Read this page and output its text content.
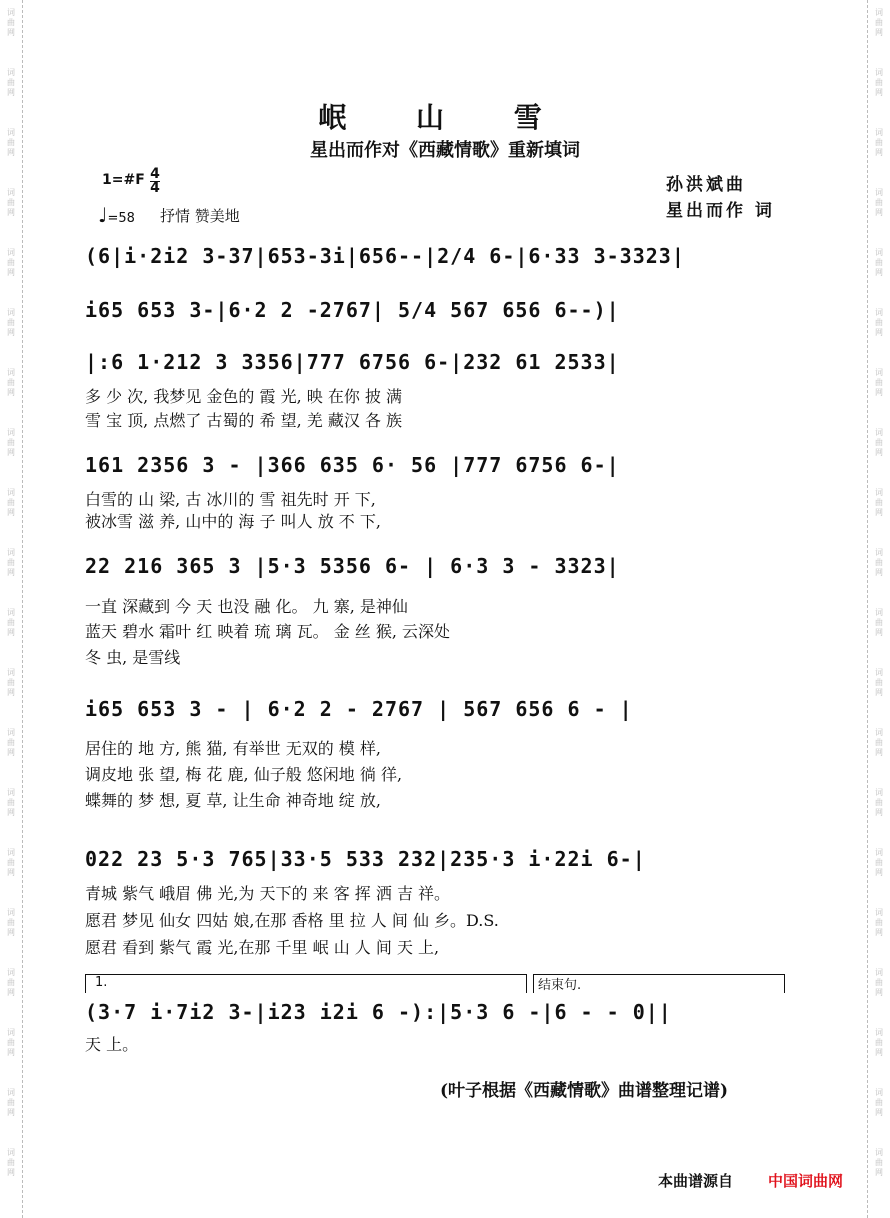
岷 山 雪
星出而作对《西藏情歌》重新填词
1=#F 4
4
♩=58 抒情 赞美地
孙洪斌曲
星出而作 词
(6|i·2i2 3-37|653-3i|656--|2/4 6-|6·33 3-3323|
i65 653 3-|6·2 2 -2767| 5/4 567 656 6--)|
|:6 1·212 3 3356|777 6756 6-|232 61 2533|
多 少 次, 我梦见 金色的 霞 光, 映 在你 披 满
雪 宝 顶, 点燃了 古蜀的 希 望, 羌 藏汉 各 族
161 2356 3 - |366 635 6· 56 |777 6756 6-|
白雪的 山 梁, 古 冰川的 雪 祖先时 开 下,
被冰雪 滋 养, 山中的 海 子 叫人 放 不 下,
22 216 365 3 |5·3 5356 6- | 6·3 3 - 3323|
一直 深藏到 今 天 也没 融 化。 九 寨, 是神仙
蓝天 碧水 霜叶 红 映着 琉 璃 瓦。 金 丝 猴, 云深处
冬 虫, 是雪线
i65 653 3 - | 6·2 2 - 2767 | 567 656 6 - |
居住的 地 方, 熊 猫, 有举世 无双的 模 样,
调皮地 张 望, 梅 花 鹿, 仙子般 悠闲地 徜 徉,
蝶舞的 梦 想, 夏 草, 让生命 神奇地 绽 放,
022 23 5·3 765|33·5 533 232|235·3 i·22i 6-|
青城 紫气 峨眉 佛 光,为 天下的 来 客 挥 洒 吉 祥。
愿君 梦见 仙女 四姑 娘,在那 香格 里 拉 人 间 仙 乡。D.S.
愿君 看到 紫气 霞 光,在那 千里 岷 山 人 间 天 上,
1.	结束句.
(3·7 i·7i2 3-|i23 i2i 6 -):|5·3 6 -|6 - - 0||
天 上。
(叶子根据《西藏情歌》曲谱整理记谱)
本曲谱源自 中国词曲网
词
曲
网
词
曲
网
词
曲
网
词
曲
网
词
曲
网
词
曲
网
词
曲
网
词
曲
网
词
曲
网
词
曲
网
词
曲
网
词
曲
网
词
曲
网
词
曲
网
词
曲
网
词
曲
网
词
曲
网
词
曲
网
词
曲
网
词
曲
网
词
曲
网
词
曲
网
词
曲
网
词
曲
网
词
曲
网
词
曲
网
词
曲
网
词
曲
网
词
曲
网
词
曲
网
词
曲
网
词
曲
网
词
曲
网
词
曲
网
词
曲
网
词
曲
网
词
曲
网
词
曲
网
词
曲
网
词
曲
网
